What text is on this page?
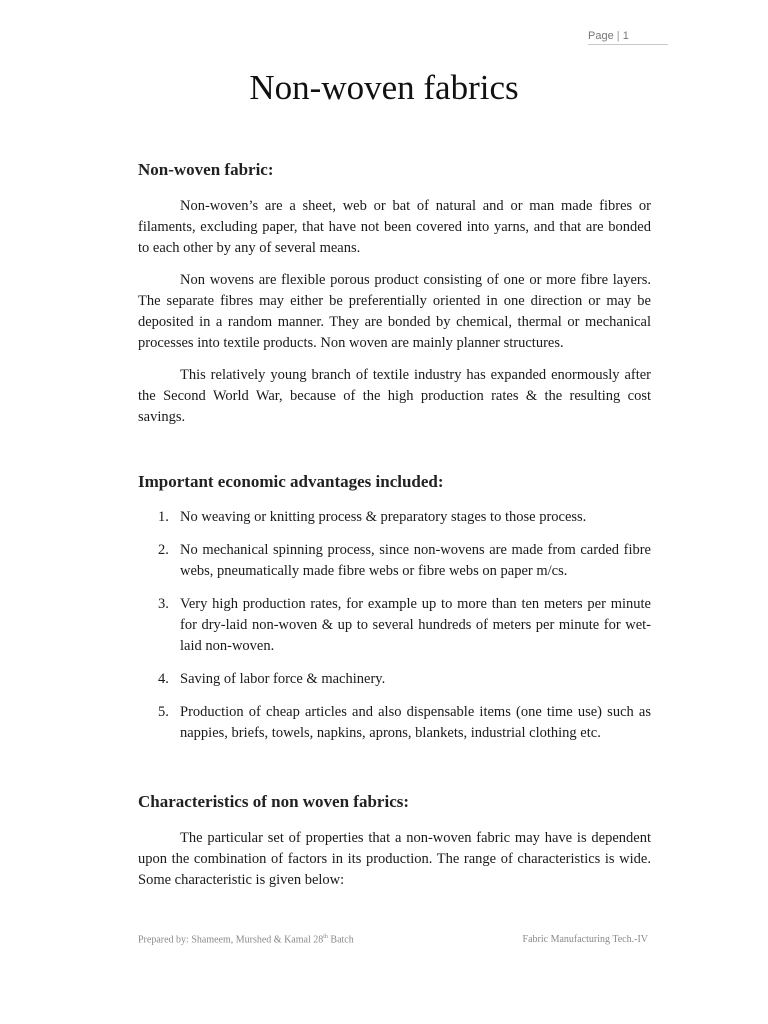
Page | 1
Non-woven fabrics
Non-woven fabric:

Non-woven’s are a sheet, web or bat of natural and or man made fibres or filaments, excluding paper, that have not been covered into yarns, and that are bonded to each other by any of several means.

Non wovens are flexible porous product consisting of one or more fibre layers. The separate fibres may either be preferentially oriented in one direction or may be deposited in a random manner. They are bonded by chemical, thermal or mechanical processes into textile products. Non woven are mainly planner structures.

This relatively young branch of textile industry has expanded enormously after the Second World War, because of the high production rates & the resulting cost savings.

Important economic advantages included:
1. No weaving or knitting process & preparatory stages to those process.
2. No mechanical spinning process, since non-wovens are made from carded fibre webs, pneumatically made fibre webs or fibre webs on paper m/cs.
3. Very high production rates, for example up to more than ten meters per minute for dry-laid non-woven & up to several hundreds of meters per minute for wet-laid non-woven.
4. Saving of labor force & machinery.
5. Production of cheap articles and also dispensable items (one time use) such as nappies, briefs, towels, napkins, aprons, blankets, industrial clothing etc.
Characteristics of non woven fabrics:

The particular set of properties that a non-woven fabric may have is dependent upon the combination of factors in its production. The range of characteristics is wide. Some characteristic is given below:

Prepared by: Shameem, Murshed & Kamal 28th Batch	Fabric Manufacturing Tech.-IV
